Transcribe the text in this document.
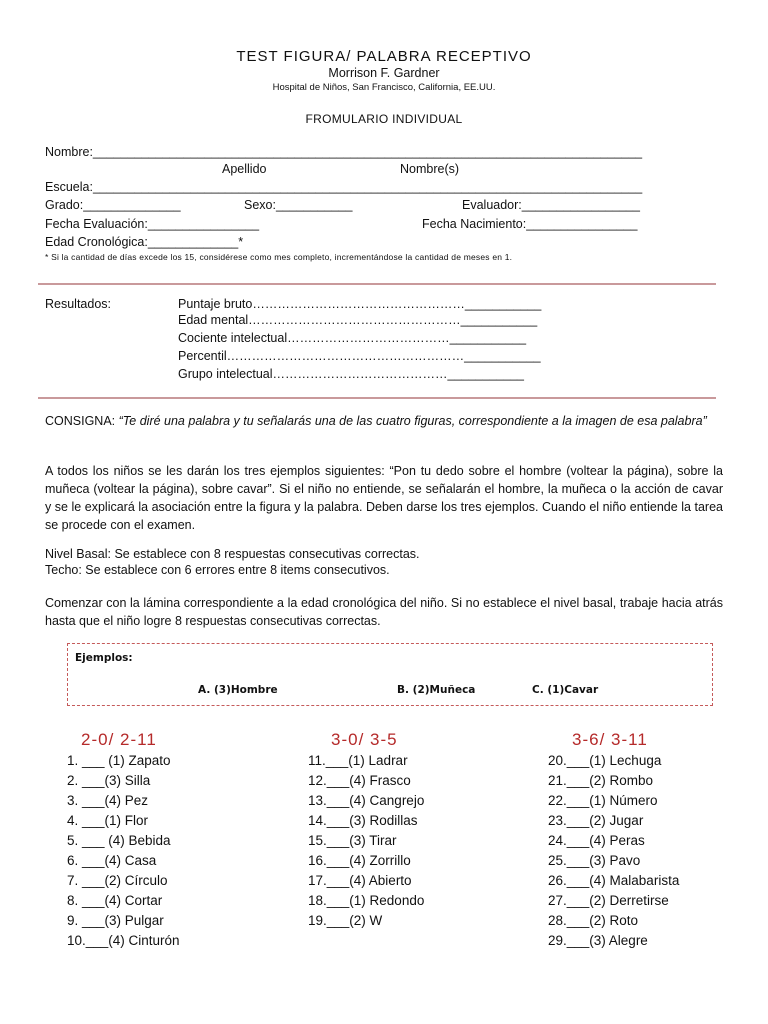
TEST FIGURA/ PALABRA RECEPTIVO
Morrison F. Gardner
Hospital de Niños, San Francisco, California, EE.UU.
FROMULARIO INDIVIDUAL
Nombre:_______________________________________________________________________________
Apellido	Nombre(s)
Escuela:_______________________________________________________________________________
Grado:______________	Sexo:___________	Evaluador:_________________
Fecha Evaluación:________________	Fecha Nacimiento:________________
Edad Cronológica:_____________*
* Si la cantidad de días excede los 15, considérese como mes completo, incrementándose la cantidad de meses en 1.
Resultados:	Puntaje bruto……………………………………………___________
Edad mental……………………………………………___________
Cociente intelectual…………………………………___________
Percentil…………………………………………………___________
Grupo intelectual……………………………………___________
CONSIGNA: “Te diré una palabra y tu señalarás una de las cuatro figuras, correspondiente a la imagen de esa palabra”
A todos los niños se les darán los tres ejemplos siguientes: “Pon tu dedo sobre el hombre (voltear la página), sobre la muñeca (voltear la página), sobre cavar”. Si el niño no entiende, se señalarán el hombre, la muñeca o la acción de cavar y se le explicará la asociación entre la figura y la palabra. Deben darse los tres ejemplos. Cuando el niño entiende la tarea se procede con el examen.
Nivel Basal: Se establece con 8 respuestas consecutivas correctas.
Techo: Se establece con 6 errores entre 8 items consecutivos.
Comenzar con la lámina correspondiente a la edad cronológica del niño. Si no establece el nivel basal, trabaje hacia atrás hasta que el niño logre 8 respuestas consecutivas correctas.
Ejemplos:
A. (3)Hombre	B. (2)Muñeca	C. (1)Cavar
2-0/ 2-11	3-0/ 3-5	3-6/ 3-11
1. ___ (1) Zapato
2. ___(3) Silla
3. ___(4) Pez
4. ___(1) Flor
5. ___ (4) Bebida
6. ___(4) Casa
7. ___(2) Círculo
8. ___(4) Cortar
9. ___(3) Pulgar
10.___(4) Cinturón
11.___(1) Ladrar
12.___(4) Frasco
13.___(4) Cangrejo
14.___(3) Rodillas
15.___(3) Tirar
16.___(4) Zorrillo
17.___(4) Abierto
18.___(1) Redondo
19.___(2) W
20.___(1) Lechuga
21.___(2) Rombo
22.___(1) Número
23.___(2) Jugar
24.___(4) Peras
25.___(3) Pavo
26.___(4) Malabarista
27.___(2) Derretirse
28.___(2) Roto
29.___(3) Alegre
